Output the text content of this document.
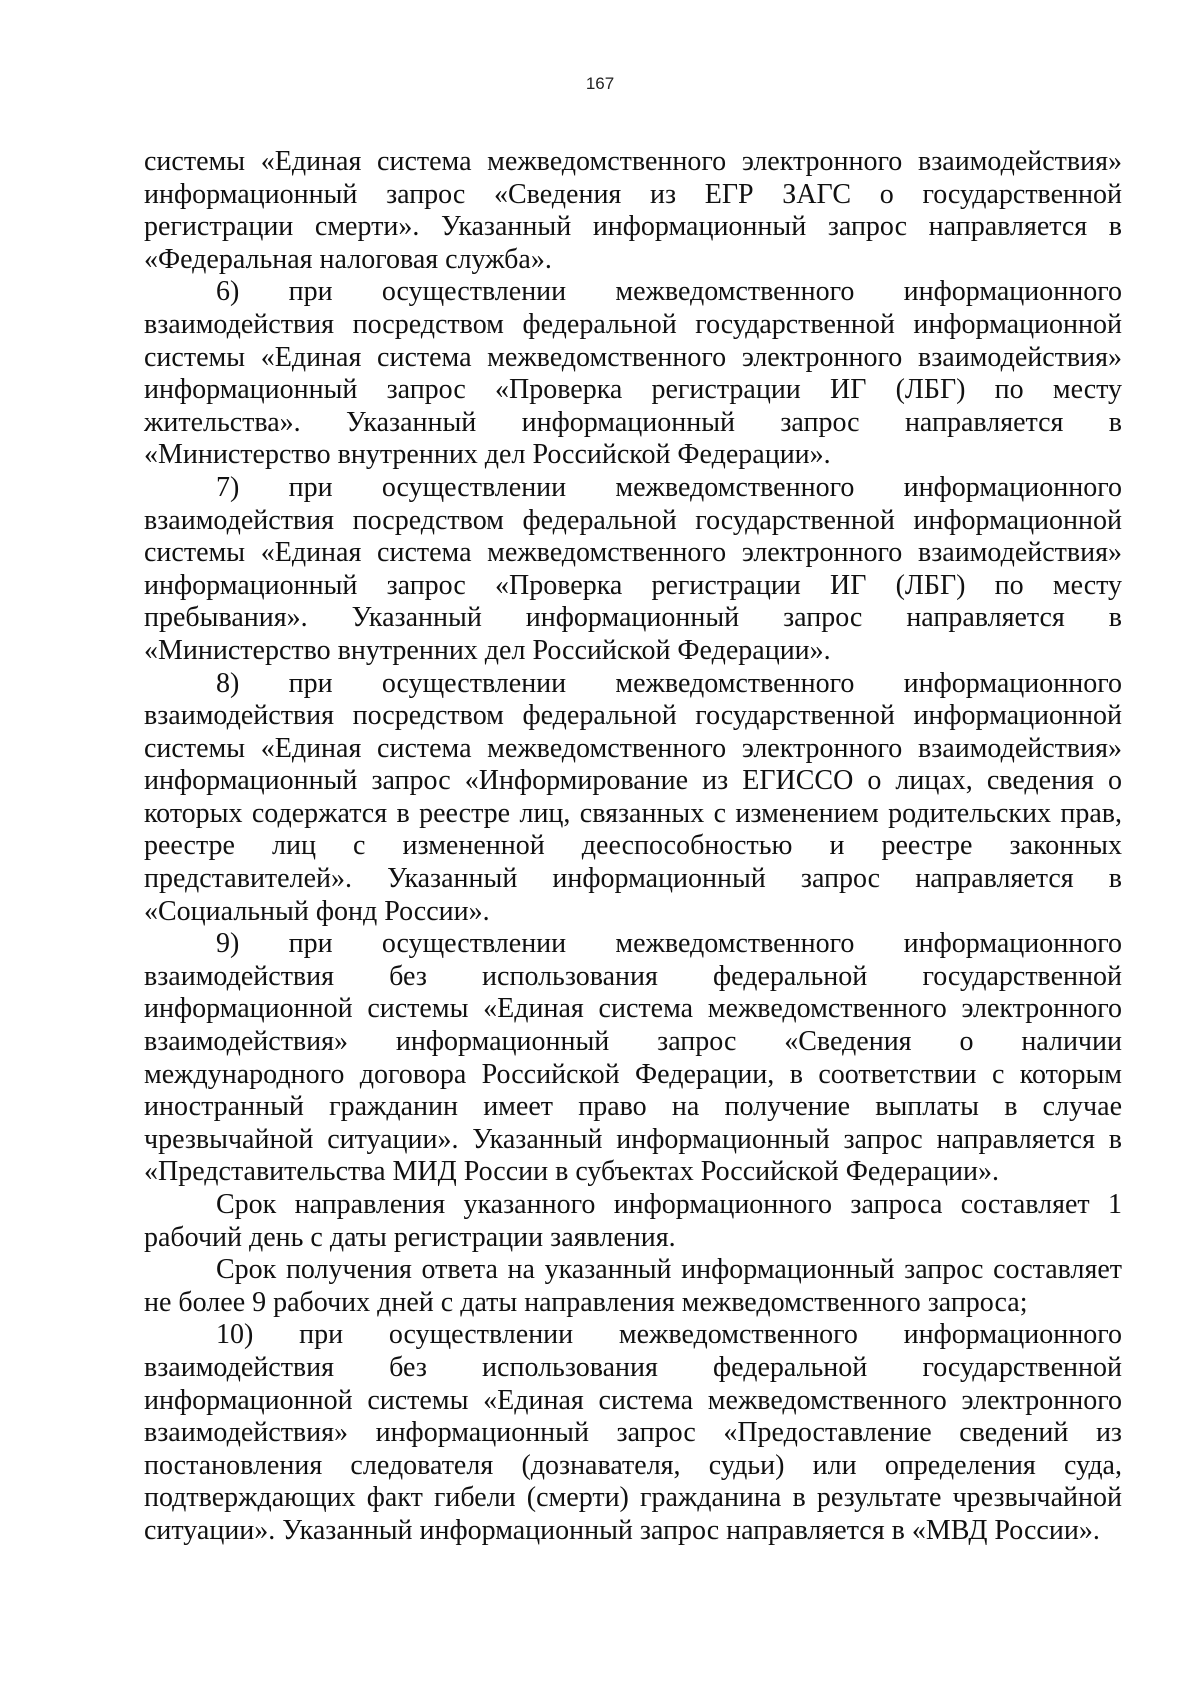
167

системы «Единая система межведомственного электронного взаимодействия» информационный запрос «Сведения из ЕГР ЗАГС о государственной регистрации смерти». Указанный информационный запрос направляется в «Федеральная налоговая служба».

6) при осуществлении межведомственного информационного взаимодействия посредством федеральной государственной информационной системы «Единая система межведомственного электронного взаимодействия» информационный запрос «Проверка регистрации ИГ (ЛБГ) по месту жительства». Указанный информационный запрос направляется в «Министерство внутренних дел Российской Федерации».

7) при осуществлении межведомственного информационного взаимодействия посредством федеральной государственной информационной системы «Единая система межведомственного электронного взаимодействия» информационный запрос «Проверка регистрации ИГ (ЛБГ) по месту пребывания». Указанный информационный запрос направляется в «Министерство внутренних дел Российской Федерации».

8) при осуществлении межведомственного информационного взаимодействия посредством федеральной государственной информационной системы «Единая система межведомственного электронного взаимодействия» информационный запрос «Информирование из ЕГИССО о лицах, сведения о которых содержатся в реестре лиц, связанных с изменением родительских прав, реестре лиц с измененной дееспособностью и реестре законных представителей». Указанный информационный запрос направляется в «Социальный фонд России».

9) при осуществлении межведомственного информационного взаимодействия без использования федеральной государственной информационной системы «Единая система межведомственного электронного взаимодействия» информационный запрос «Сведения о наличии международного договора Российской Федерации, в соответствии с которым иностранный гражданин имеет право на получение выплаты в случае чрезвычайной ситуации». Указанный информационный запрос направляется в «Представительства МИД России в субъектах Российской Федерации».

Срок направления указанного информационного запроса составляет 1 рабочий день с даты регистрации заявления.

Срок получения ответа на указанный информационный запрос составляет не более 9 рабочих дней с даты направления межведомственного запроса;

10) при осуществлении межведомственного информационного взаимодействия без использования федеральной государственной информационной системы «Единая система межведомственного электронного взаимодействия» информационный запрос «Предоставление сведений из постановления следователя (дознавателя, судьи) или определения суда, подтверждающих факт гибели (смерти) гражданина в результате чрезвычайной ситуации». Указанный информационный запрос направляется в «МВД России».
